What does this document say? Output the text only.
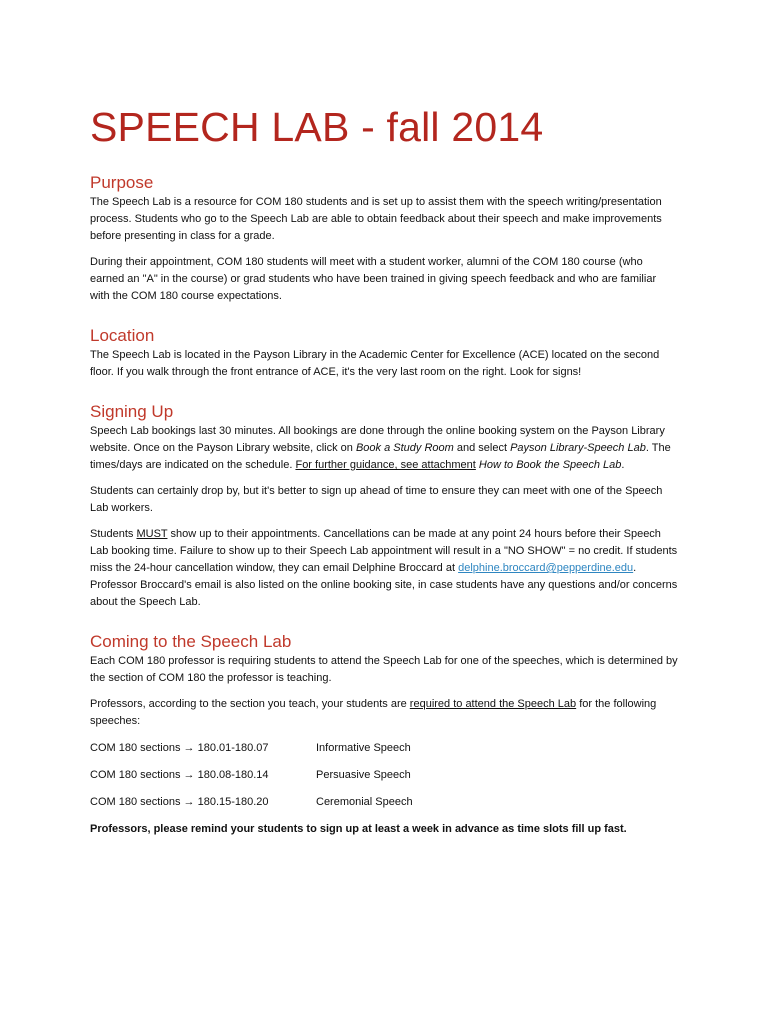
SPEECH LAB - fall 2014
Purpose

The Speech Lab is a resource for COM 180 students and is set up to assist them with the speech writing/presentation process. Students who go to the Speech Lab are able to obtain feedback about their speech and make improvements before presenting in class for a grade.

During their appointment, COM 180 students will meet with a student worker, alumni of the COM 180 course (who earned an "A" in the course) or grad students who have been trained in giving speech feedback and who are familiar with the COM 180 course expectations.

Location

The Speech Lab is located in the Payson Library in the Academic Center for Excellence (ACE) located on the second floor. If you walk through the front entrance of ACE, it's the very last room on the right. Look for signs!

Signing Up

Speech Lab bookings last 30 minutes. All bookings are done through the online booking system on the Payson Library website. Once on the Payson Library website, click on Book a Study Room and select Payson Library-Speech Lab. The times/days are indicated on the schedule. For further guidance, see attachment How to Book the Speech Lab.

Students can certainly drop by, but it's better to sign up ahead of time to ensure they can meet with one of the Speech Lab workers.

Students MUST show up to their appointments. Cancellations can be made at any point 24 hours before their Speech Lab booking time. Failure to show up to their Speech Lab appointment will result in a "NO SHOW" = no credit. If students miss the 24-hour cancellation window, they can email Delphine Broccard at delphine.broccard@pepperdine.edu. Professor Broccard's email is also listed on the online booking site, in case students have any questions and/or concerns about the Speech Lab.

Coming to the Speech Lab

Each COM 180 professor is requiring students to attend the Speech Lab for one of the speeches, which is determined by the section of COM 180 the professor is teaching.

Professors, according to the section you teach, your students are required to attend the Speech Lab for the following speeches:

COM 180 sections → 180.01-180.07	Informative Speech
COM 180 sections → 180.08-180.14	Persuasive Speech
COM 180 sections → 180.15-180.20	Ceremonial Speech

Professors, please remind your students to sign up at least a week in advance as time slots fill up fast.
